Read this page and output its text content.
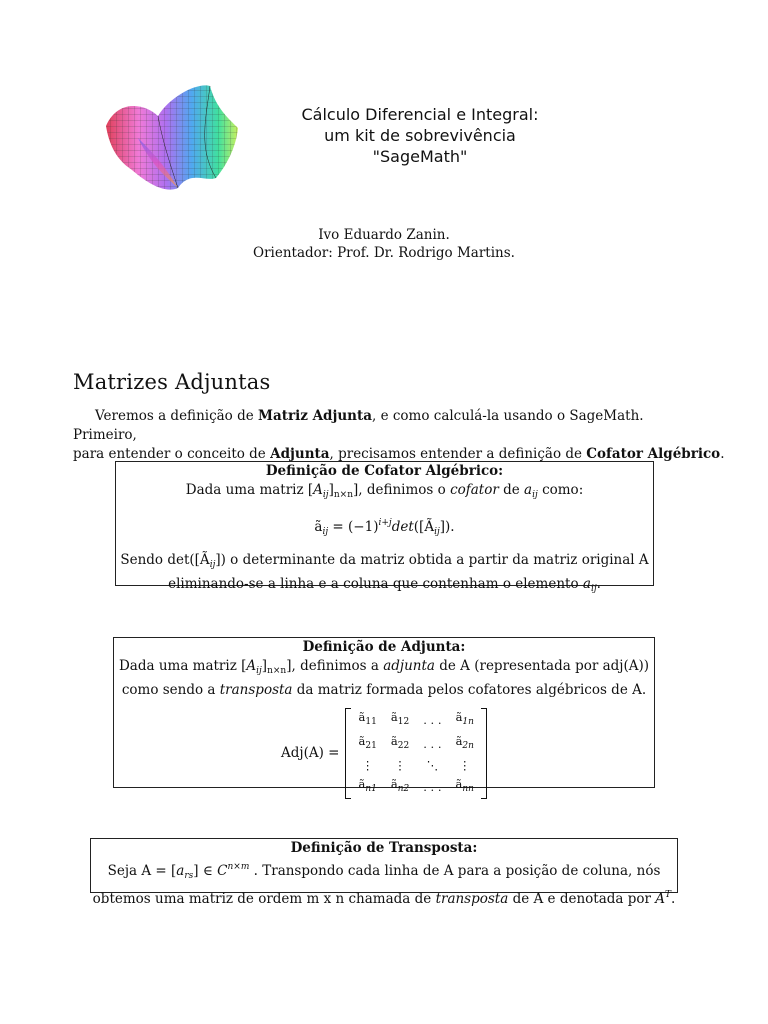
Cálculo Diferencial e Integral:
um kit de sobrevivência
"SageMath"
Ivo Eduardo Zanin.
Orientador: Prof. Dr. Rodrigo Martins.
Matrizes Adjuntas
Veremos a definição de Matriz Adjunta, e como calculá-la usando o SageMath. Primeiro,
para entender o conceito de Adjunta, precisamos entender a definição de Cofator Algébrico.
Definição de Cofator Algébrico:
Dada uma matriz $[A_{ij}]_{n\times n}$], definimos o cofator de $a_{ij}$ como:
$ã_{ij}$ = $(-1)^{i+j}\det([Ã_{ij}])$.
Sendo $\det([Ã_{ij}])$ o determinante da matriz obtida a partir da matriz original A
eliminando-se a linha e a coluna que contenham o elemento $a_{ij}$.
Definição de Adjunta:
Dada uma matriz $[A_{ij}]_{n\times n}$], definimos a adjunta de A (representada por adj(A))
como sendo a transposta da matriz formada pelos cofatores algébricos de A.
Adj(A) =
$ã_{11}$	$ã_{12}$	. . .	$ã_{1n}$
$ã_{21}$	$ã_{22}$	. . .	$ã_{2n}$
⋮	⋮	⋱	⋮
$ã_{n1}$	$ã_{n2}$	. . .	$ã_{nn}$
Definição de Transposta:
Seja $A = [a_{rs}]$ ∈ $C^{n\times m}$ . Transpondo cada linha de A para a posição de coluna, nós
obtemos uma matriz de ordem m x n chamada de transposta de A e denotada por $A^T$.
